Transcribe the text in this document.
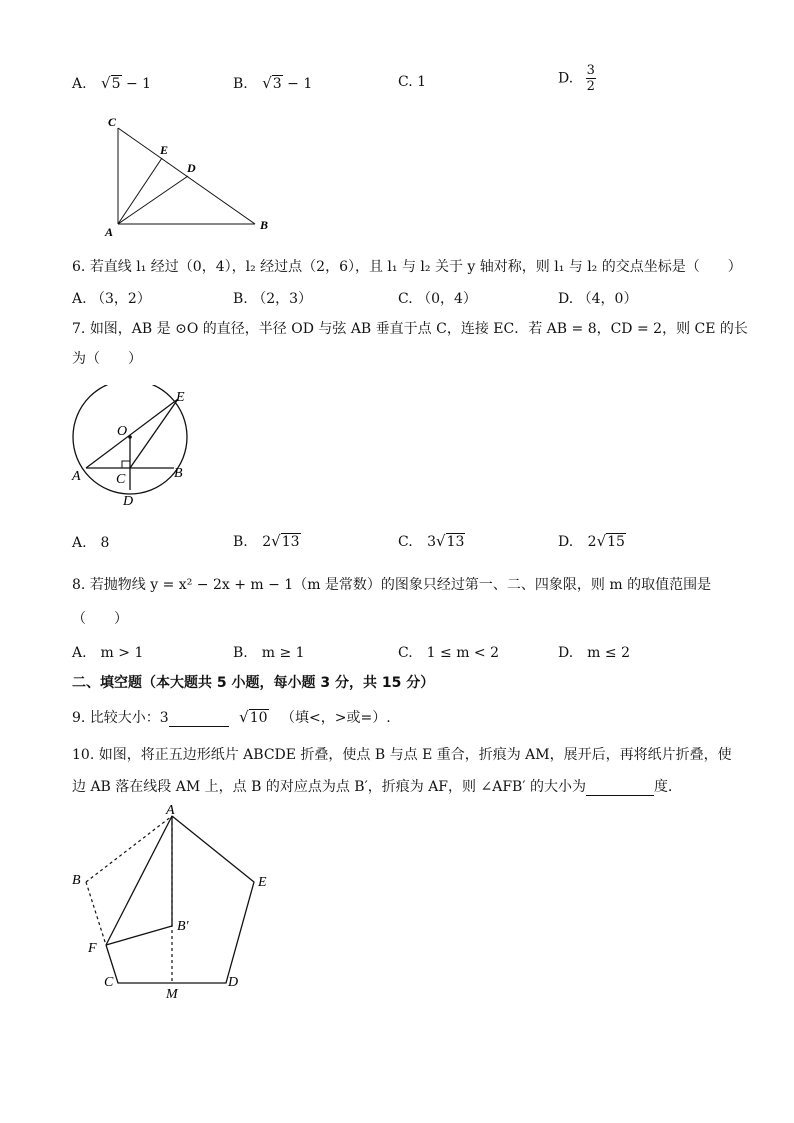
A. √5 − 1	B. √3 − 1	C. 1	D. $\frac{3}{2}$
C
E
D
A	B
6. 若直线 l₁ 经过（0，4），l₂ 经过点（2，6），且 l₁ 与 l₂ 关于 y 轴对称，则 l₁ 与 l₂ 的交点坐标是（　　）
A. （3，2）	B. （2，3）	C. （0，4）	D. （4，0）
7. 如图，AB 是 ⊙O 的直径，半径 OD 与弦 AB 垂直于点 C，连接 EC．若 AB = 8，CD = 2，则 CE 的长
为（　　）
E
O
A	C	B
D
A.　8	B. 2√13	C. 3√13	D. 2√15
8. 若抛物线 y = x² − 2x + m − 1（m 是常数）的图象只经过第一、二、四象限，则 m 的取值范围是
（　　）
A.　m > 1	B.　m ≥ 1	C.　1 ≤ m < 2	D.　m ≤ 2
二、填空题（本大题共 5 小题，每小题 3 分，共 15 分）
9. 比较大小：3	√10 （填<，>或=）.
10. 如图，将正五边形纸片 ABCDE 折叠，使点 B 与点 E 重合，折痕为 AM，展开后，再将纸片折叠，使
边 AB 落在线段 AM 上，点 B 的对应点为点 B′，折痕为 AF，则 ∠AFB′ 的大小为	度．
A
B	E
B′
F
C
M
D
